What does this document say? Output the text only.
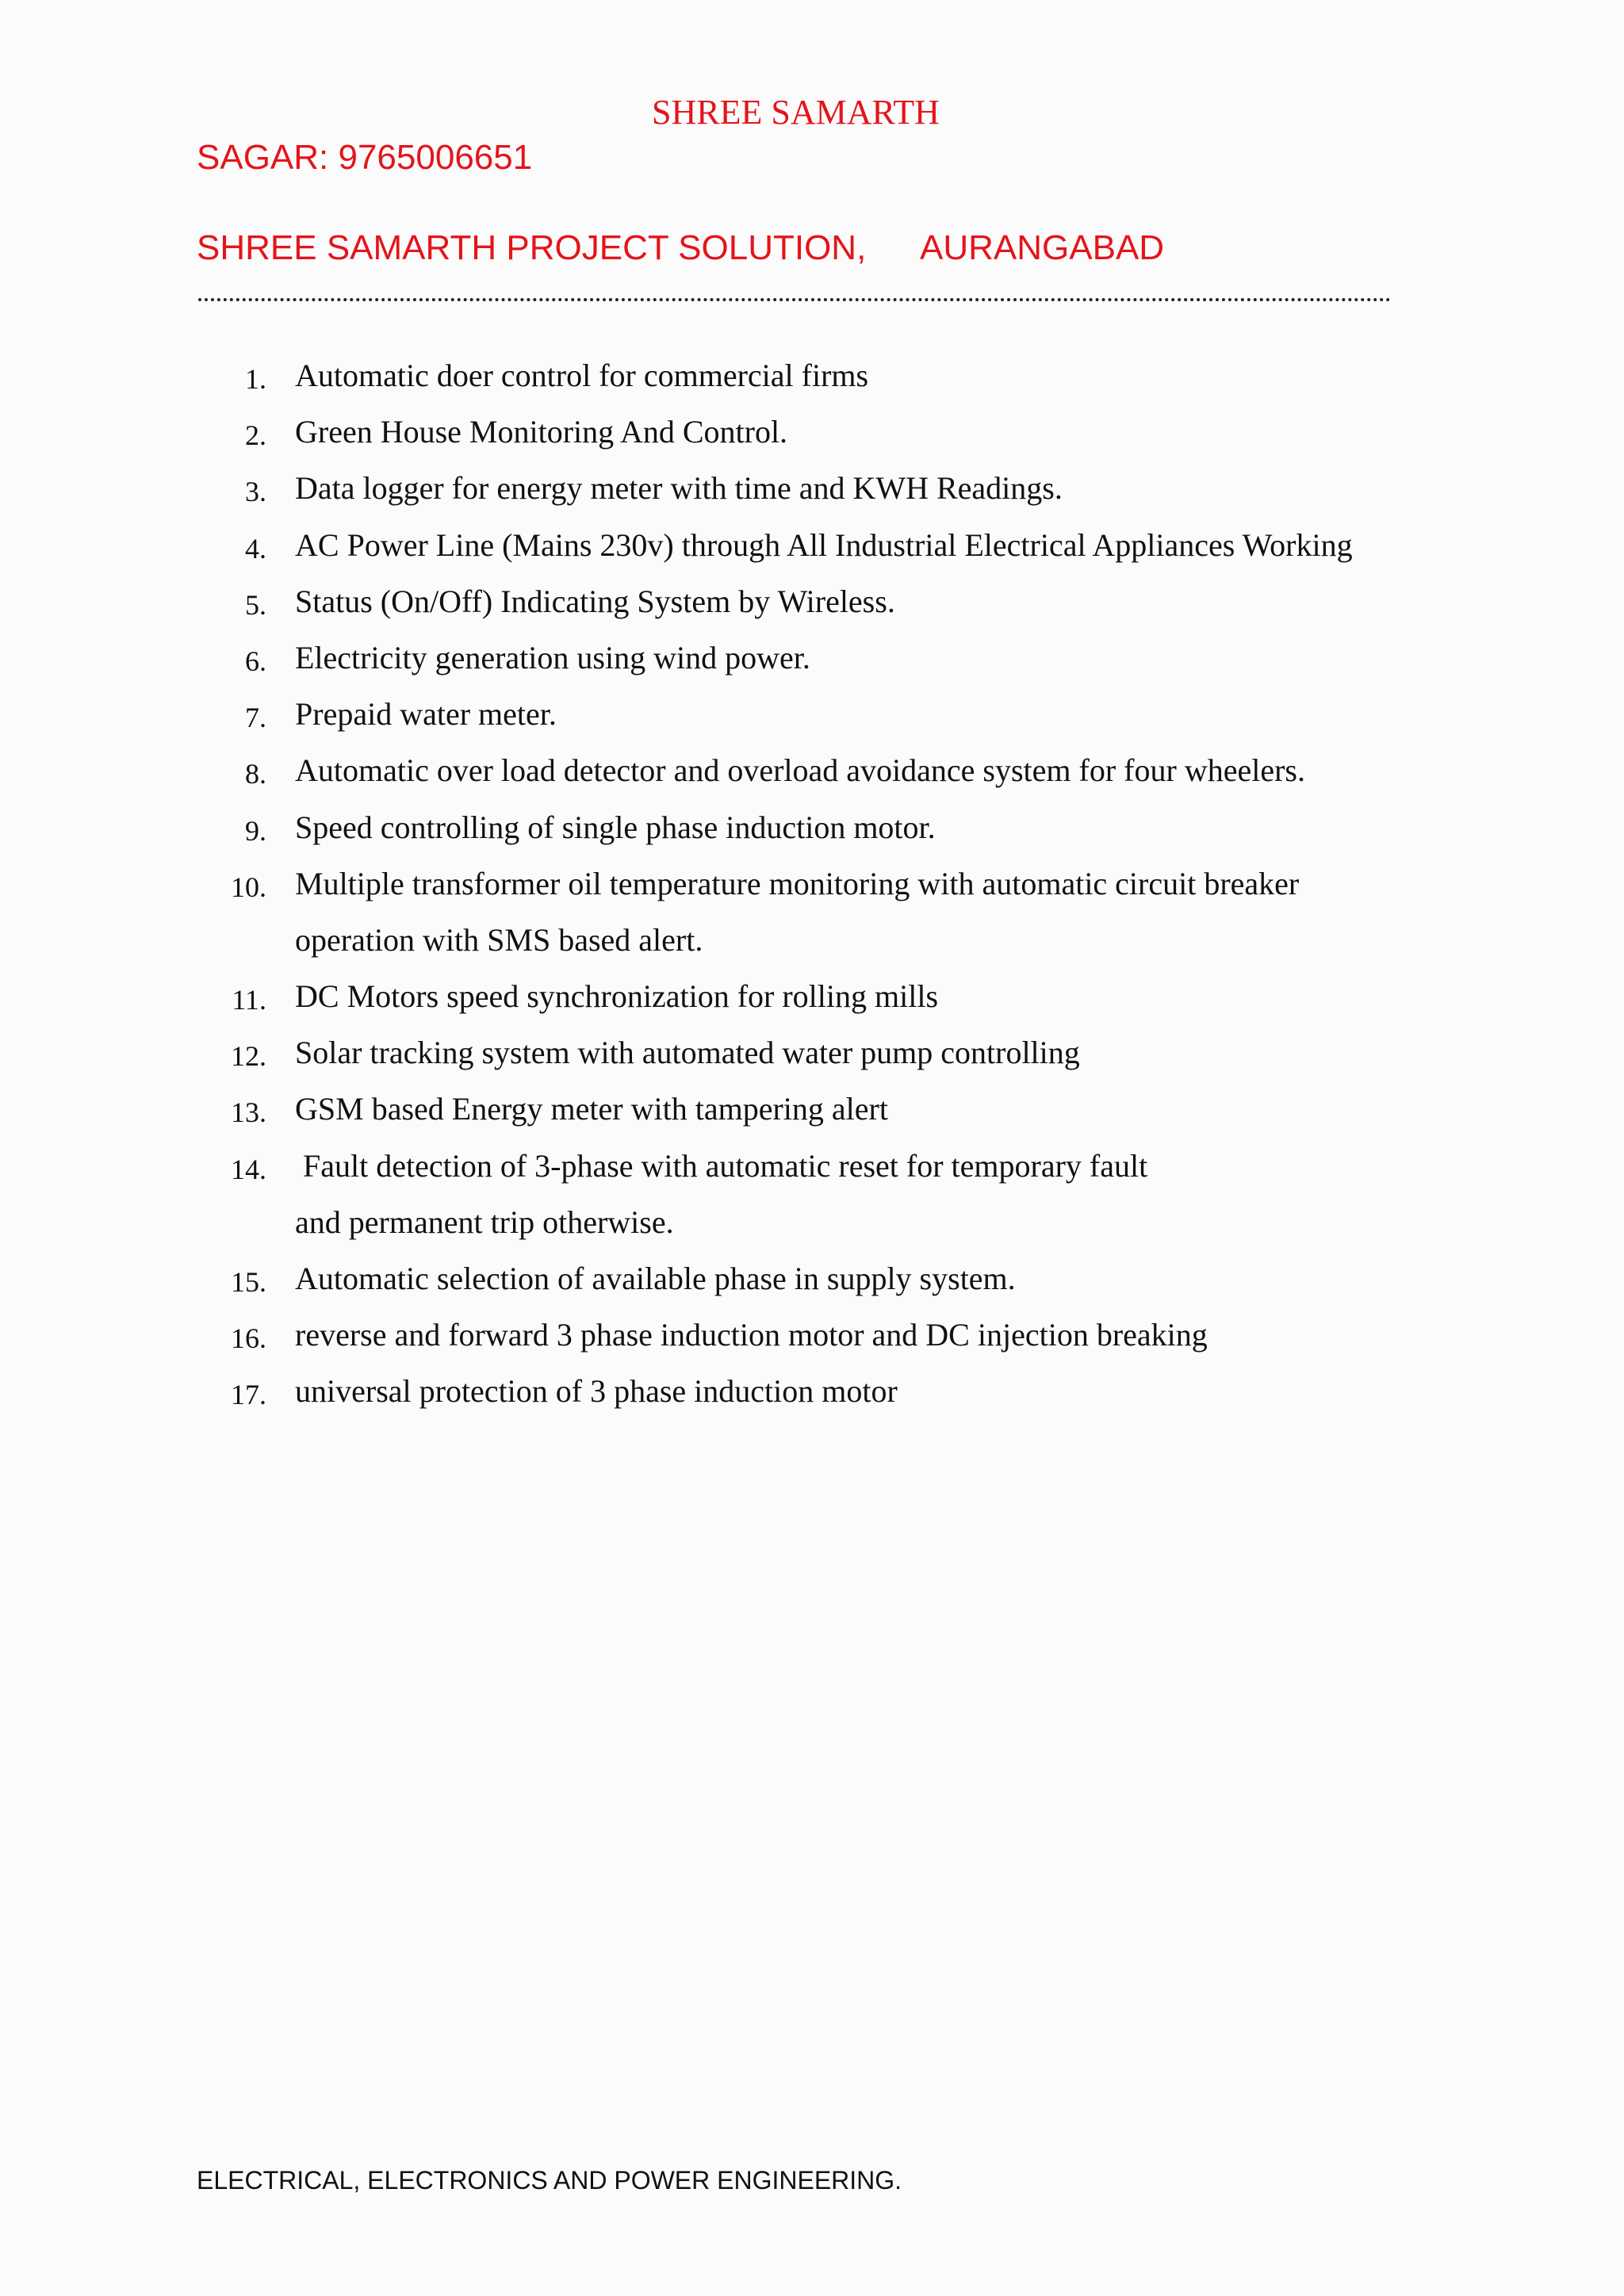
SHREE SAMARTH
SAGAR: 9765006651
SHREE SAMARTH PROJECT SOLUTION, AURANGABAD
1. Automatic doer control for commercial firms
2. Green House Monitoring And Control.
3. Data logger for energy meter with time and KWH Readings.
4. AC Power Line (Mains 230v) through All Industrial Electrical Appliances Working
5. Status (On/Off) Indicating System by Wireless.
6. Electricity generation using wind power.
7. Prepaid water meter.
8. Automatic over load detector and overload avoidance system for four wheelers.
9. Speed controlling of single phase induction motor.
10. Multiple transformer oil temperature monitoring with automatic circuit breaker
operation with SMS based alert.
11. DC Motors speed synchronization for rolling mills
12. Solar tracking system with automated water pump controlling
13. GSM based Energy meter with tampering alert
14. Fault detection of 3-phase with automatic reset for temporary fault
and permanent trip otherwise.
15. Automatic selection of available phase in supply system.
16. reverse and forward 3 phase induction motor and DC injection breaking
17. universal protection of 3 phase induction motor
ELECTRICAL, ELECTRONICS AND POWER ENGINEERING.
